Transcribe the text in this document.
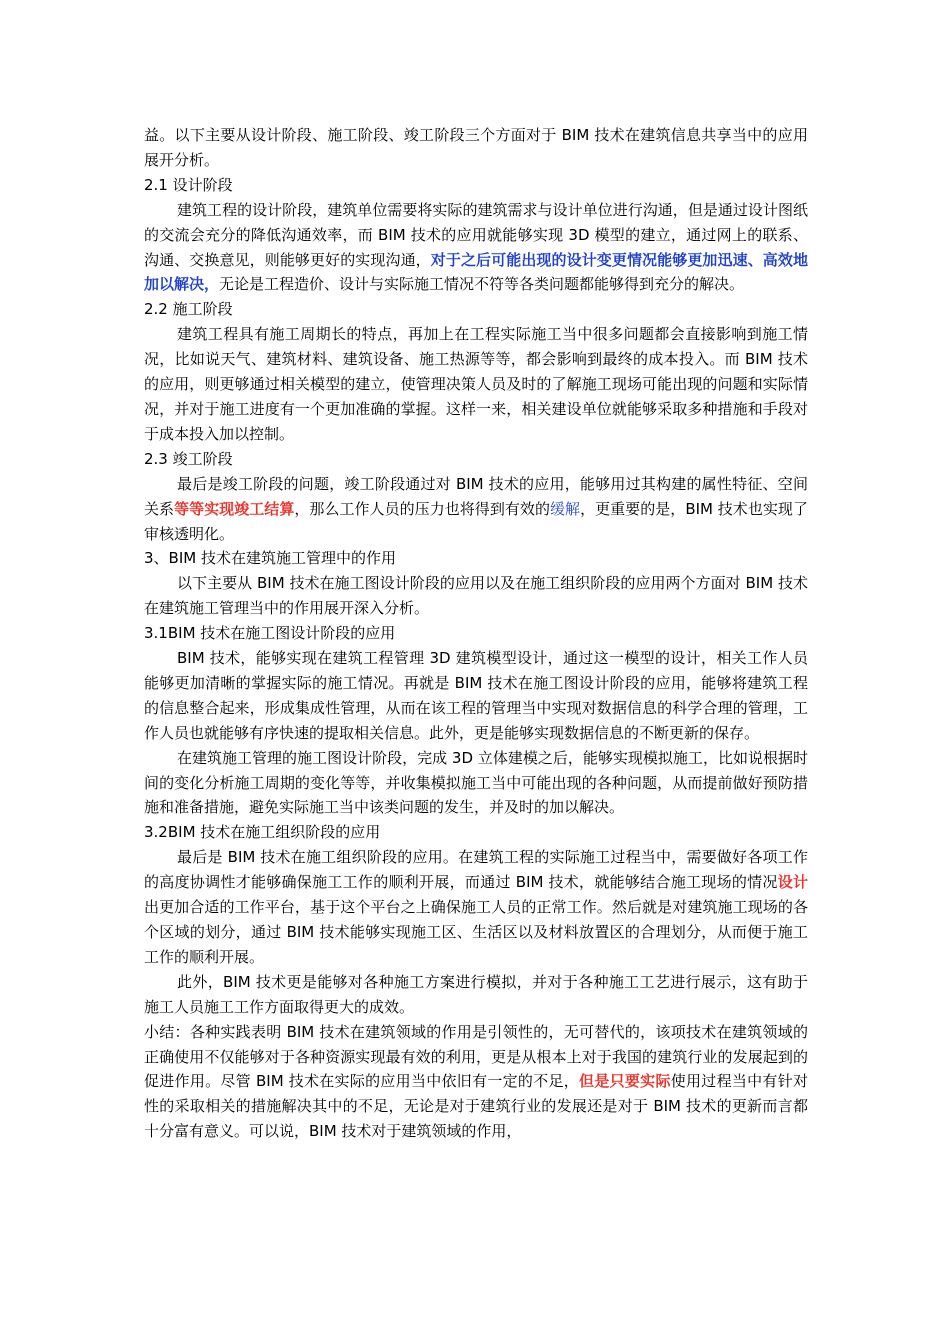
益。以下主要从设计阶段、施工阶段、竣工阶段三个方面对于 BIM 技术在建筑信息共享当中的应用展开分析。

2.1 设计阶段

建筑工程的设计阶段，建筑单位需要将实际的建筑需求与设计单位进行沟通，但是通过设计图纸的交流会充分的降低沟通效率，而 BIM 技术的应用就能够实现 3D 模型的建立，通过网上的联系、沟通、交换意见，则能够更好的实现沟通，对于之后可能出现的设计变更情况能够更加迅速、高效地加以解决，无论是工程造价、设计与实际施工情况不符等各类问题都能够得到充分的解决。

2.2 施工阶段

建筑工程具有施工周期长的特点，再加上在工程实际施工当中很多问题都会直接影响到施工情况，比如说天气、建筑材料、建筑设备、施工热源等等，都会影响到最终的成本投入。而 BIM 技术的应用，则更够通过相关模型的建立，使管理决策人员及时的了解施工现场可能出现的问题和实际情况，并对于施工进度有一个更加准确的掌握。这样一来，相关建设单位就能够采取多种措施和手段对于成本投入加以控制。

2.3 竣工阶段

最后是竣工阶段的问题，竣工阶段通过对 BIM 技术的应用，能够用过其构建的属性特征、空间关系等等实现竣工结算，那么工作人员的压力也将得到有效的缓解，更重要的是，BIM 技术也实现了审核透明化。

3、BIM 技术在建筑施工管理中的作用

以下主要从 BIM 技术在施工图设计阶段的应用以及在施工组织阶段的应用两个方面对 BIM 技术在建筑施工管理当中的作用展开深入分析。

3.1BIM 技术在施工图设计阶段的应用

BIM 技术，能够实现在建筑工程管理 3D 建筑模型设计，通过这一模型的设计，相关工作人员能够更加清晰的掌握实际的施工情况。再就是 BIM 技术在施工图设计阶段的应用，能够将建筑工程的信息整合起来，形成集成性管理，从而在该工程的管理当中实现对数据信息的科学合理的管理，工作人员也就能够有序快速的提取相关信息。此外，更是能够实现数据信息的不断更新的保存。

在建筑施工管理的施工图设计阶段，完成 3D 立体建模之后，能够实现模拟施工，比如说根据时间的变化分析施工周期的变化等等，并收集模拟施工当中可能出现的各种问题，从而提前做好预防措施和准备措施，避免实际施工当中该类问题的发生，并及时的加以解决。

3.2BIM 技术在施工组织阶段的应用

最后是 BIM 技术在施工组织阶段的应用。在建筑工程的实际施工过程当中，需要做好各项工作的高度协调性才能够确保施工工作的顺利开展，而通过 BIM 技术，就能够结合施工现场的情况设计出更加合适的工作平台，基于这个平台之上确保施工人员的正常工作。然后就是对建筑施工现场的各个区域的划分，通过 BIM 技术能够实现施工区、生活区以及材料放置区的合理划分，从而便于施工工作的顺利开展。

此外，BIM 技术更是能够对各种施工方案进行模拟，并对于各种施工工艺进行展示，这有助于施工人员施工工作方面取得更大的成效。

小结：各种实践表明 BIM 技术在建筑领域的作用是引领性的，无可替代的，该项技术在建筑领域的正确使用不仅能够对于各种资源实现最有效的利用，更是从根本上对于我国的建筑行业的发展起到的促进作用。尽管 BIM 技术在实际的应用当中依旧有一定的不足，但是只要实际使用过程当中有针对性的采取相关的措施解决其中的不足，无论是对于建筑行业的发展还是对于 BIM 技术的更新而言都十分富有意义。可以说，BIM 技术对于建筑领域的作用，
